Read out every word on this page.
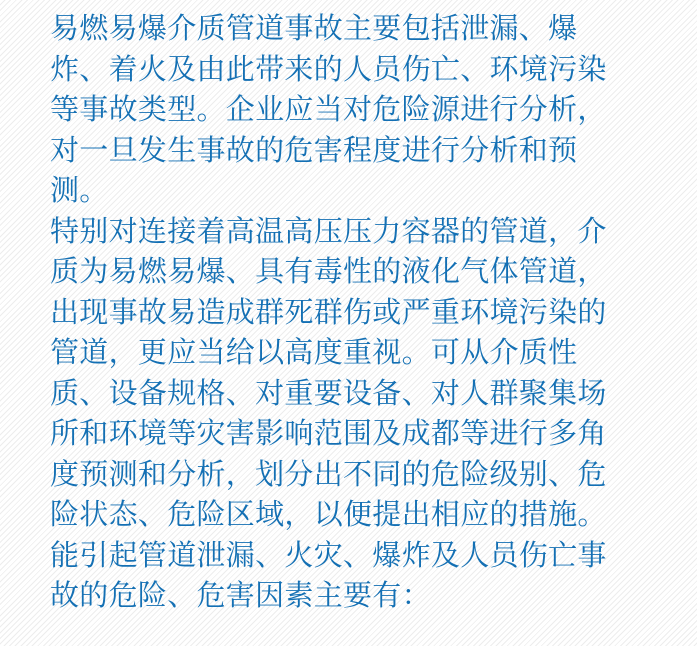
易燃易爆介质管道事故主要包括泄漏、爆
炸、着火及由此带来的人员伤亡、环境污染
等事故类型。企业应当对危险源进行分析，
对一旦发生事故的危害程度进行分析和预
测。

特别对连接着高温高压压力容器的管道，介
质为易燃易爆、具有毒性的液化气体管道，
出现事故易造成群死群伤或严重环境污染的
管道，更应当给以高度重视。可从介质性
质、设备规格、对重要设备、对人群聚集场
所和环境等灾害影响范围及成都等进行多角
度预测和分析，划分出不同的危险级别、危
险状态、危险区域，以便提出相应的措施。

能引起管道泄漏、火灾、爆炸及人员伤亡事
故的危险、危害因素主要有：
